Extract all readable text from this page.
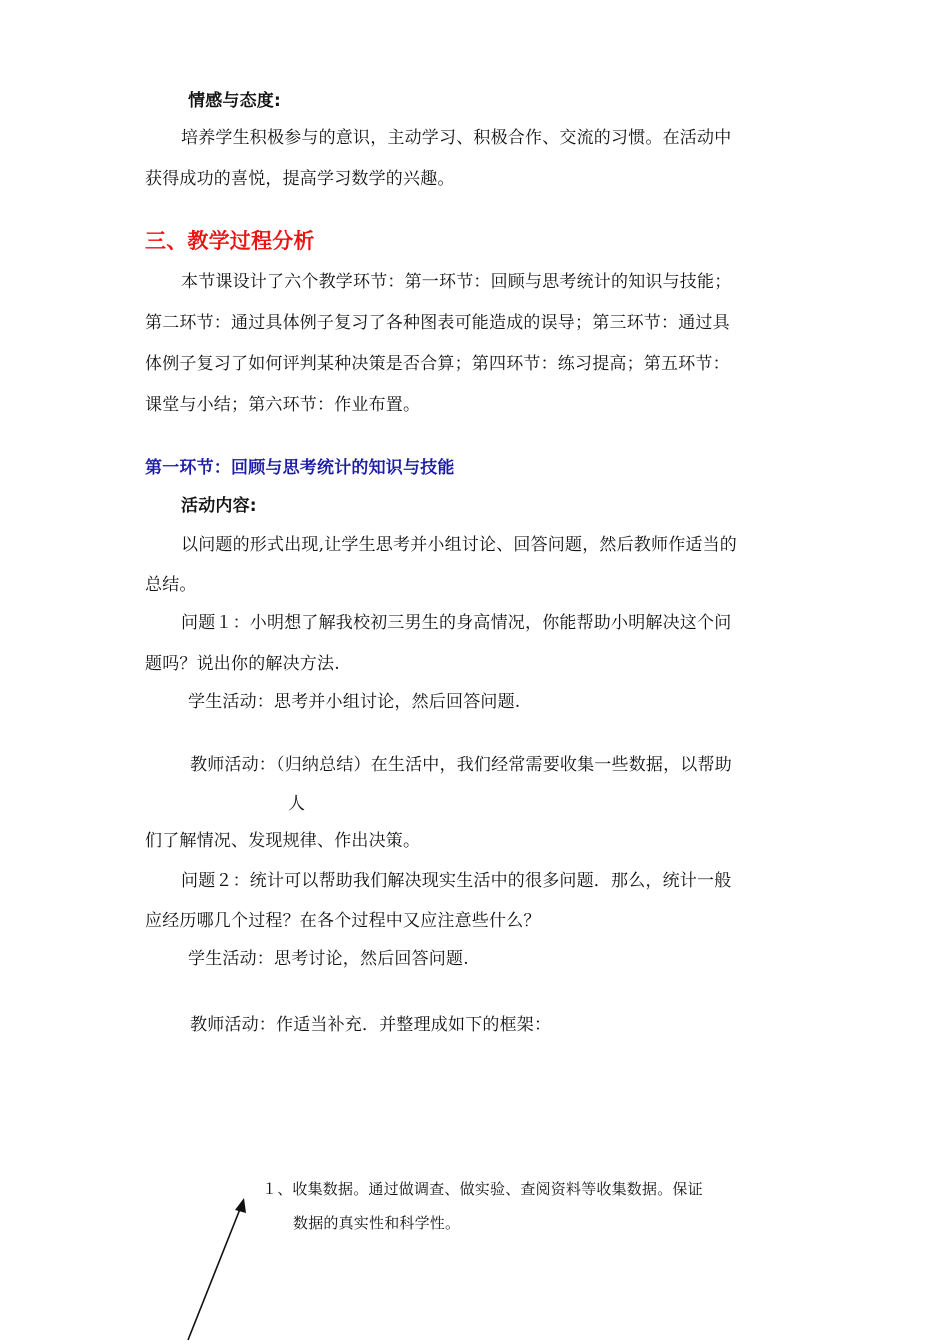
情感与态度:
培养学生积极参与的意识，主动学习、积极合作、交流的习惯。在活动中
获得成功的喜悦，提高学习数学的兴趣。
三、教学过程分析
本节课设计了六个教学环节：第一环节：回顾与思考统计的知识与技能；
第二环节：通过具体例子复习了各种图表可能造成的误导；第三环节：通过具
体例子复习了如何评判某种决策是否合算；第四环节：练习提高；第五环节：
课堂与小结；第六环节：作业布置。
第一环节：回顾与思考统计的知识与技能
活动内容:
以问题的形式出现,让学生思考并小组讨论、回答问题，然后教师作适当的
总结。
问题１：小明想了解我校初三男生的身高情况，你能帮助小明解决这个问
题吗？说出你的解决方法.
学生活动：思考并小组讨论，然后回答问题.
教师活动：（归纳总结）在生活中，我们经常需要收集一些数据，以帮助
人
们了解情况、发现规律、作出决策。
问题２：统计可以帮助我们解决现实生活中的很多问题．那么，统计一般
应经历哪几个过程？在各个过程中又应注意些什么？
学生活动：思考讨论，然后回答问题.
教师活动：作适当补充．并整理成如下的框架：
１、收集数据。通过做调查、做实验、查阅资料等收集数据。保证
数据的真实性和科学性。
